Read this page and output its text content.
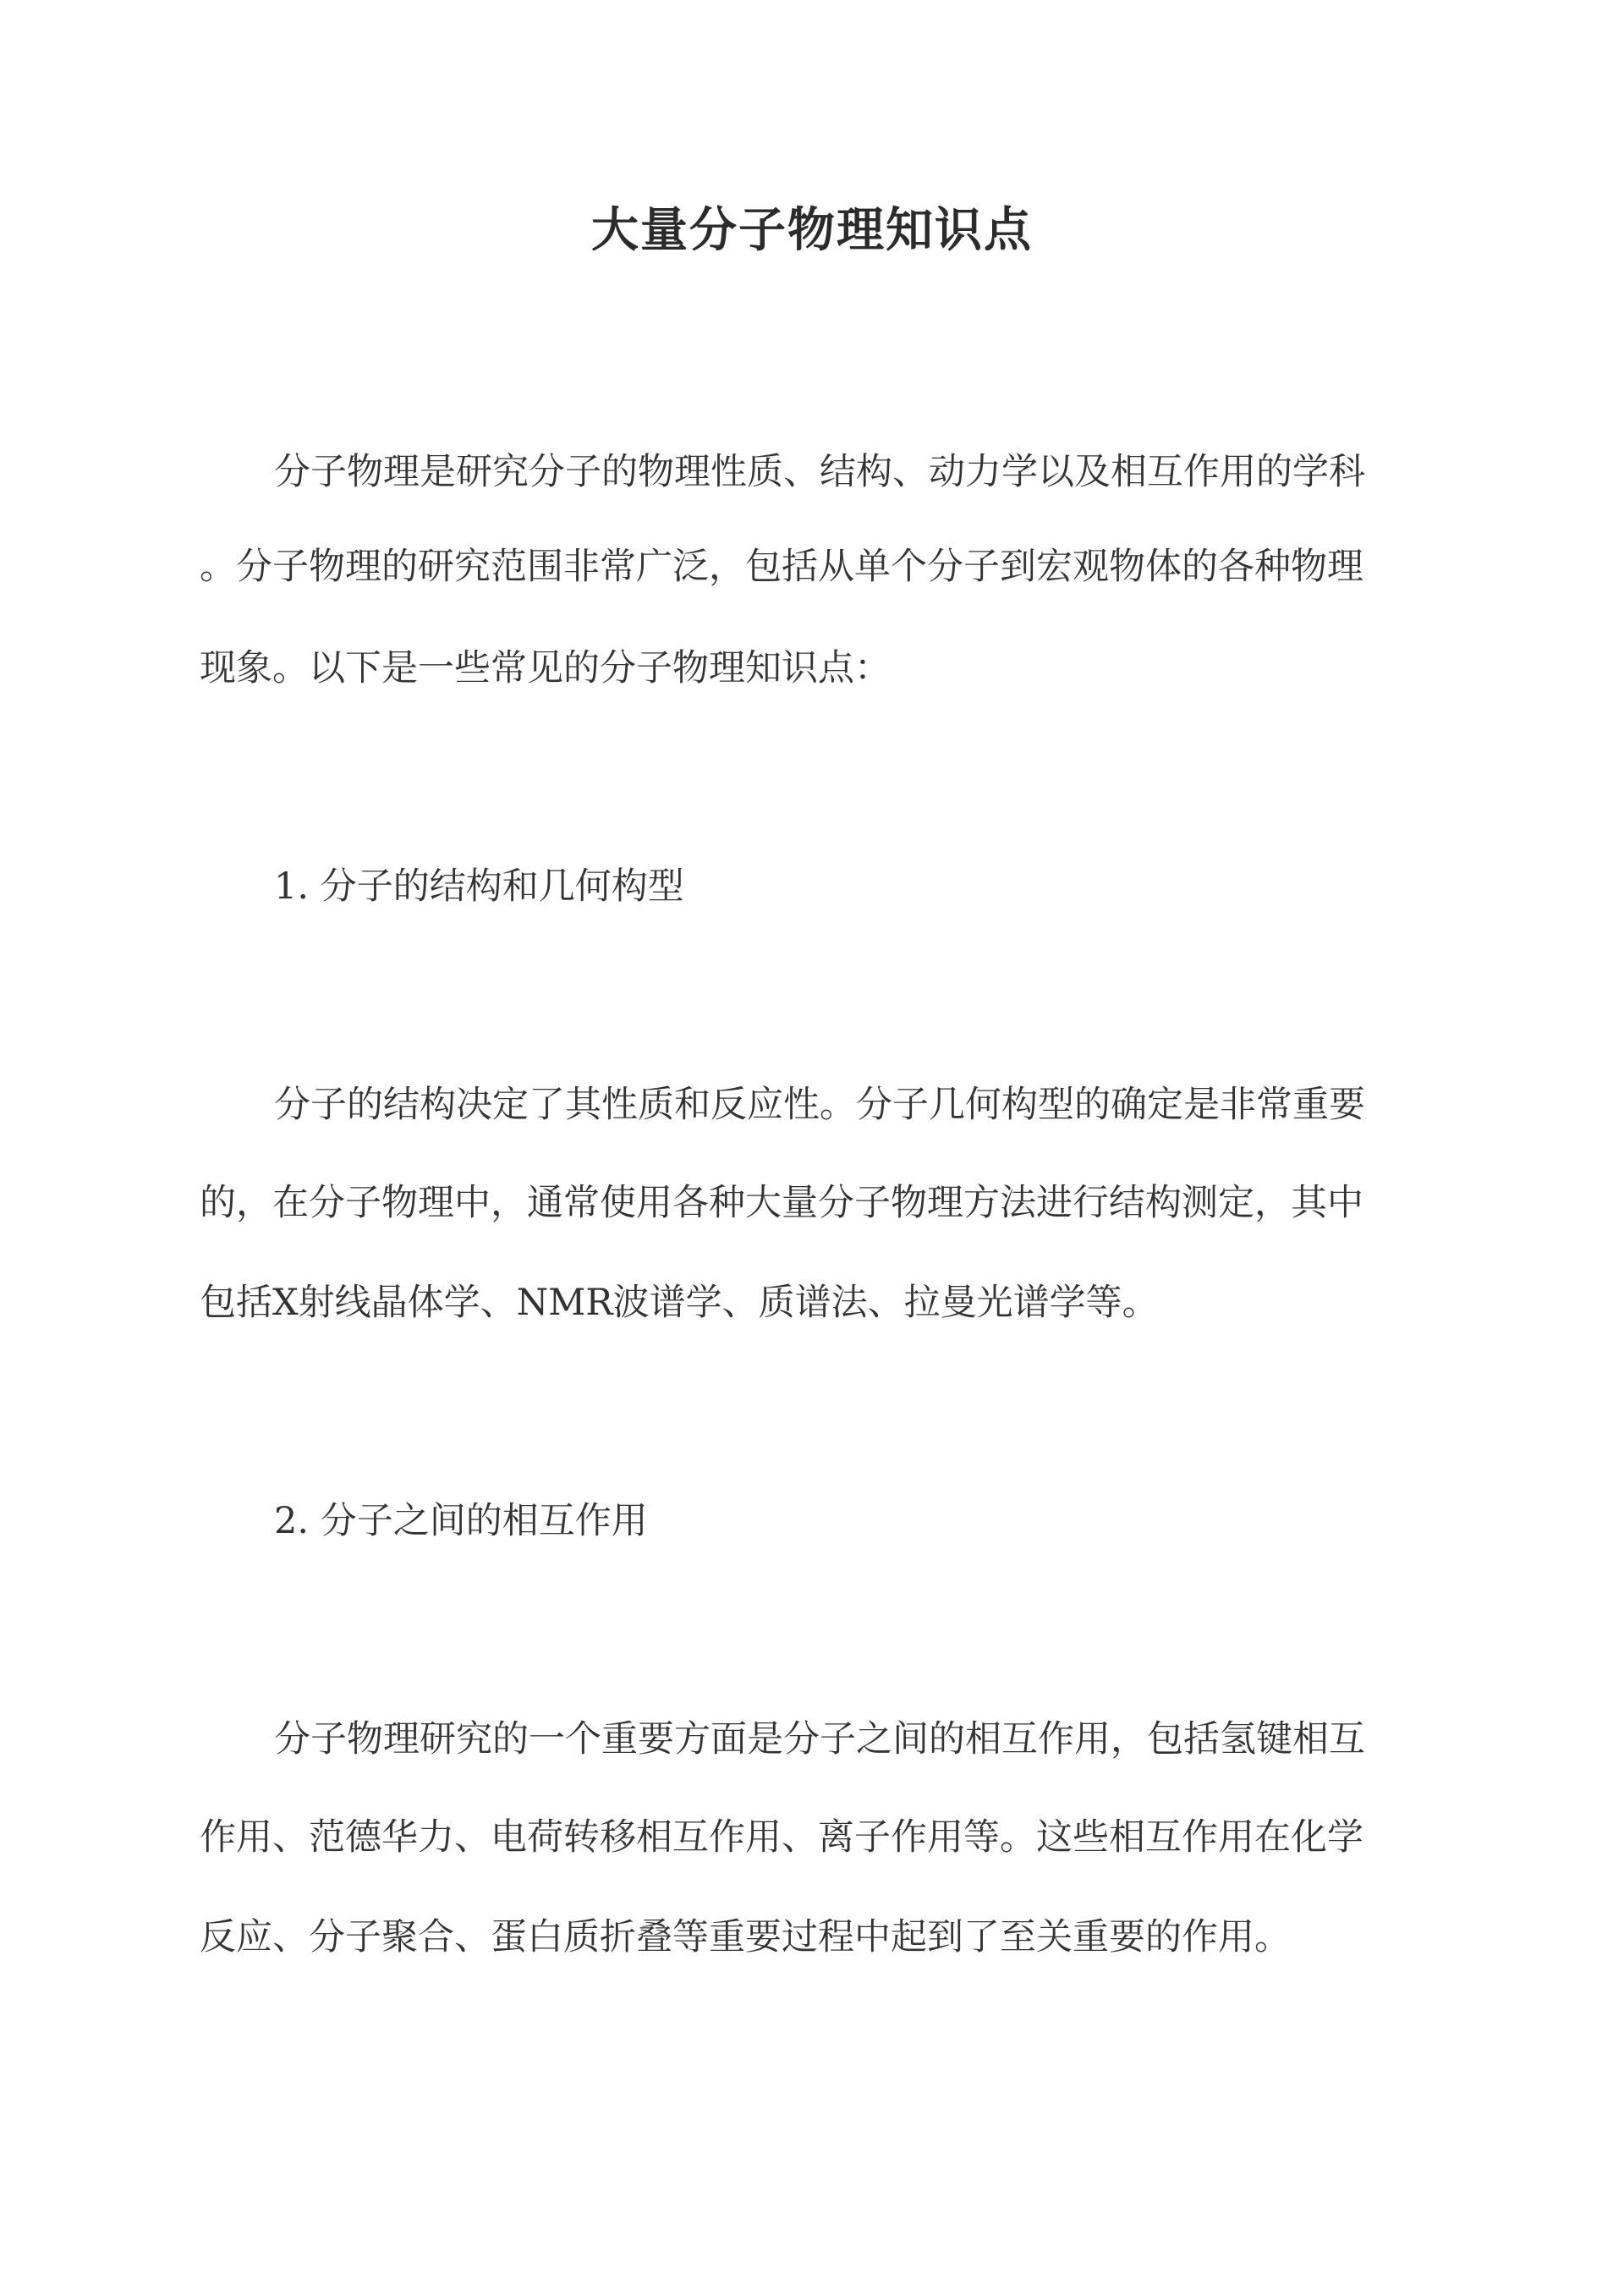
大量分子物理知识点

分子物理是研究分子的物理性质、结构、动力学以及相互作用的学科

。分子物理的研究范围非常广泛，包括从单个分子到宏观物体的各种物理

现象。以下是一些常见的分子物理知识点：

1. 分子的结构和几何构型

分子的结构决定了其性质和反应性。分子几何构型的确定是非常重要

的，在分子物理中，通常使用各种大量分子物理方法进行结构测定，其中

包括X射线晶体学、NMR波谱学、质谱法、拉曼光谱学等。

2. 分子之间的相互作用

分子物理研究的一个重要方面是分子之间的相互作用，包括氢键相互

作用、范德华力、电荷转移相互作用、离子作用等。这些相互作用在化学

反应、分子聚合、蛋白质折叠等重要过程中起到了至关重要的作用。
